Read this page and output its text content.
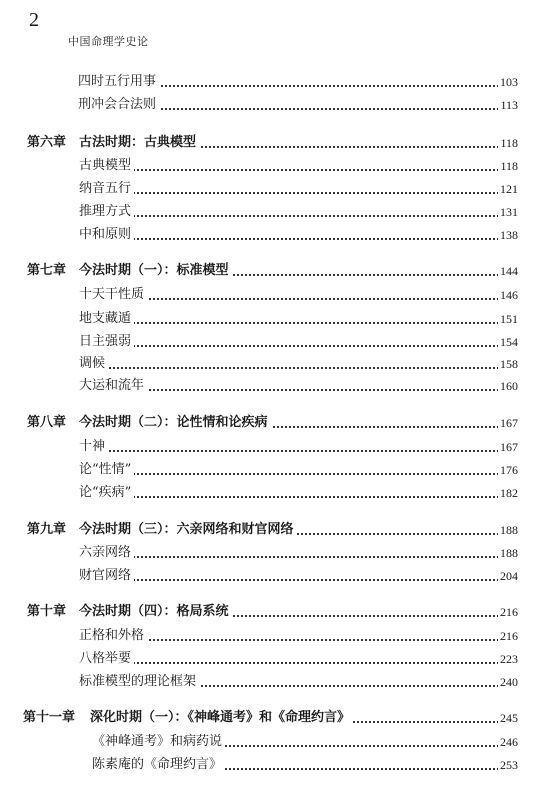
2
中国命理学史论
四时五行用事	103
刑冲会合法则	113
第六章 古法时期：古典模型	118
古典模型	118
纳音五行	121
推理方式	131
中和原则	138
第七章 今法时期（一）：标准模型	144
十天干性质	146
地支藏遁	151
日主强弱	154
调候	158
大运和流年	160
第八章 今法时期（二）：论性情和论疾病	167
十神	167
论“性情”	176
论“疾病”	182
第九章 今法时期（三）：六亲网络和财官网络	188
六亲网络	188
财官网络	204
第十章 今法时期（四）：格局系统	216
正格和外格	216
八格举要	223
标准模型的理论框架	240
第十一章 深化时期（一）：《神峰通考》和《命理约言》	245
《神峰通考》和病药说	246
陈素庵的《命理约言》	253
